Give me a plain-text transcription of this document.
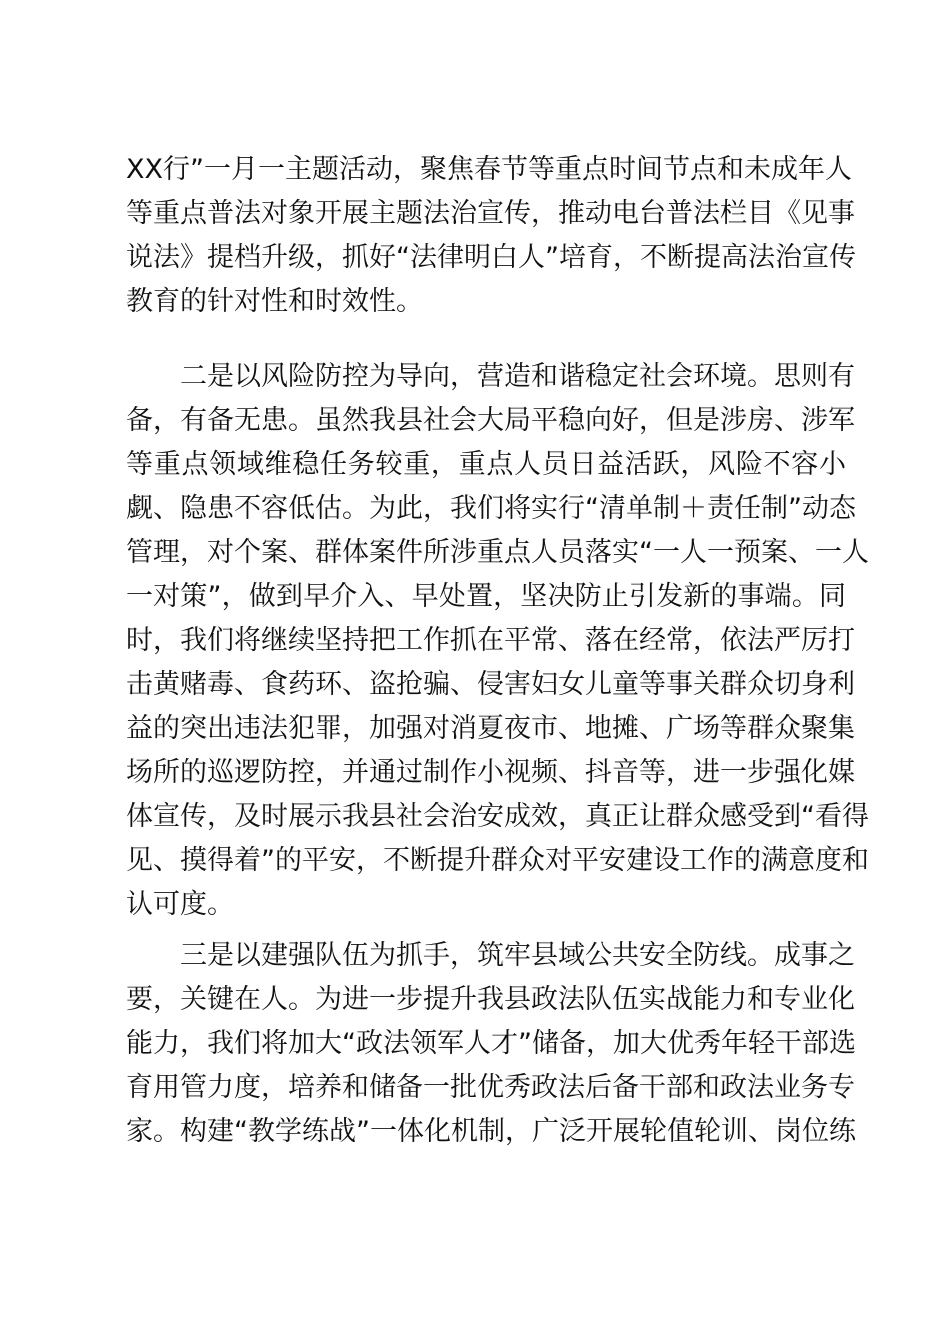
XX行”一月一主题活动，聚焦春节等重点时间节点和未成年人
等重点普法对象开展主题法治宣传，推动电台普法栏目《见事
说法》提档升级，抓好“法律明白人”培育，不断提高法治宣传
教育的针对性和时效性。
二是以风险防控为导向，营造和谐稳定社会环境。思则有
备，有备无患。虽然我县社会大局平稳向好，但是涉房、涉军
等重点领域维稳任务较重，重点人员日益活跃，风险不容小
觑、隐患不容低估。为此，我们将实行“清单制＋责任制”动态
管理，对个案、群体案件所涉重点人员落实“一人一预案、一人
一对策”，做到早介入、早处置，坚决防止引发新的事端。同
时，我们将继续坚持把工作抓在平常、落在经常，依法严厉打
击黄赌毒、食药环、盗抢骗、侵害妇女儿童等事关群众切身利
益的突出违法犯罪，加强对消夏夜市、地摊、广场等群众聚集
场所的巡逻防控，并通过制作小视频、抖音等，进一步强化媒
体宣传，及时展示我县社会治安成效，真正让群众感受到“看得
见、摸得着”的平安，不断提升群众对平安建设工作的满意度和
认可度。
三是以建强队伍为抓手，筑牢县域公共安全防线。成事之
要，关键在人。为进一步提升我县政法队伍实战能力和专业化
能力，我们将加大“政法领军人才”储备，加大优秀年轻干部选
育用管力度，培养和储备一批优秀政法后备干部和政法业务专
家。构建“教学练战”一体化机制，广泛开展轮值轮训、岗位练
